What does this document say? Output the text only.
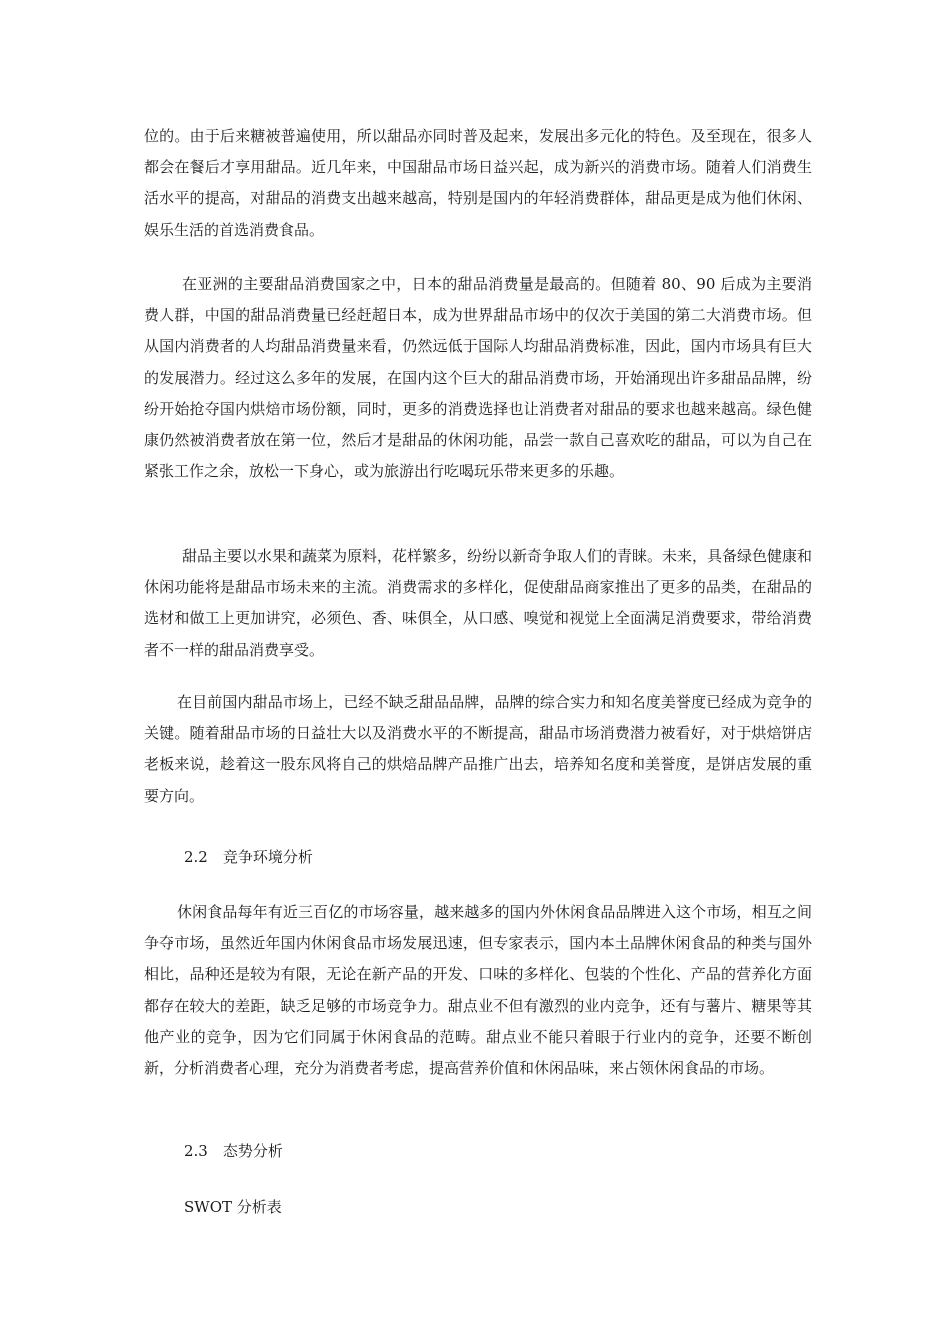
位的。由于后来糖被普遍使用，所以甜品亦同时普及起来，发展出多元化的特色。及至现在，很多人都会在餐后才享用甜品。近几年来，中国甜品市场日益兴起，成为新兴的消费市场。随着人们消费生活水平的提高，对甜品的消费支出越来越高，特别是国内的年轻消费群体，甜品更是成为他们休闲、娱乐生活的首选消费食品。

在亚洲的主要甜品消费国家之中，日本的甜品消费量是最高的。但随着 80、90 后成为主要消费人群，中国的甜品消费量已经赶超日本，成为世界甜品市场中的仅次于美国的第二大消费市场。但从国内消费者的人均甜品消费量来看，仍然远低于国际人均甜品消费标准，因此，国内市场具有巨大的发展潜力。经过这么多年的发展，在国内这个巨大的甜品消费市场，开始涌现出许多甜品品牌，纷纷开始抢夺国内烘焙市场份额，同时，更多的消费选择也让消费者对甜品的要求也越来越高。绿色健康仍然被消费者放在第一位，然后才是甜品的休闲功能，品尝一款自己喜欢吃的甜品，可以为自己在紧张工作之余，放松一下身心，或为旅游出行吃喝玩乐带来更多的乐趣。

甜品主要以水果和蔬菜为原料，花样繁多，纷纷以新奇争取人们的青睐。未来，具备绿色健康和休闲功能将是甜品市场未来的主流。消费需求的多样化，促使甜品商家推出了更多的品类，在甜品的选材和做工上更加讲究，必须色、香、味俱全，从口感、嗅觉和视觉上全面满足消费要求，带给消费者不一样的甜品消费享受。

在目前国内甜品市场上，已经不缺乏甜品品牌，品牌的综合实力和知名度美誉度已经成为竞争的关键。随着甜品市场的日益壮大以及消费水平的不断提高，甜品市场消费潜力被看好，对于烘焙饼店老板来说，趁着这一股东风将自己的烘焙品牌产品推广出去，培养知名度和美誉度，是饼店发展的重要方向。

2.2　竞争环境分析

休闲食品每年有近三百亿的市场容量，越来越多的国内外休闲食品品牌进入这个市场，相互之间争夺市场，虽然近年国内休闲食品市场发展迅速，但专家表示，国内本土品牌休闲食品的种类与国外相比，品种还是较为有限，无论在新产品的开发、口味的多样化、包装的个性化、产品的营养化方面都存在较大的差距，缺乏足够的市场竞争力。甜点业不但有激烈的业内竞争，还有与薯片、糖果等其他产业的竞争，因为它们同属于休闲食品的范畴。甜点业不能只着眼于行业内的竞争，还要不断创新，分析消费者心理，充分为消费者考虑，提高营养价值和休闲品味，来占领休闲食品的市场。

2.3　态势分析

SWOT 分析表
